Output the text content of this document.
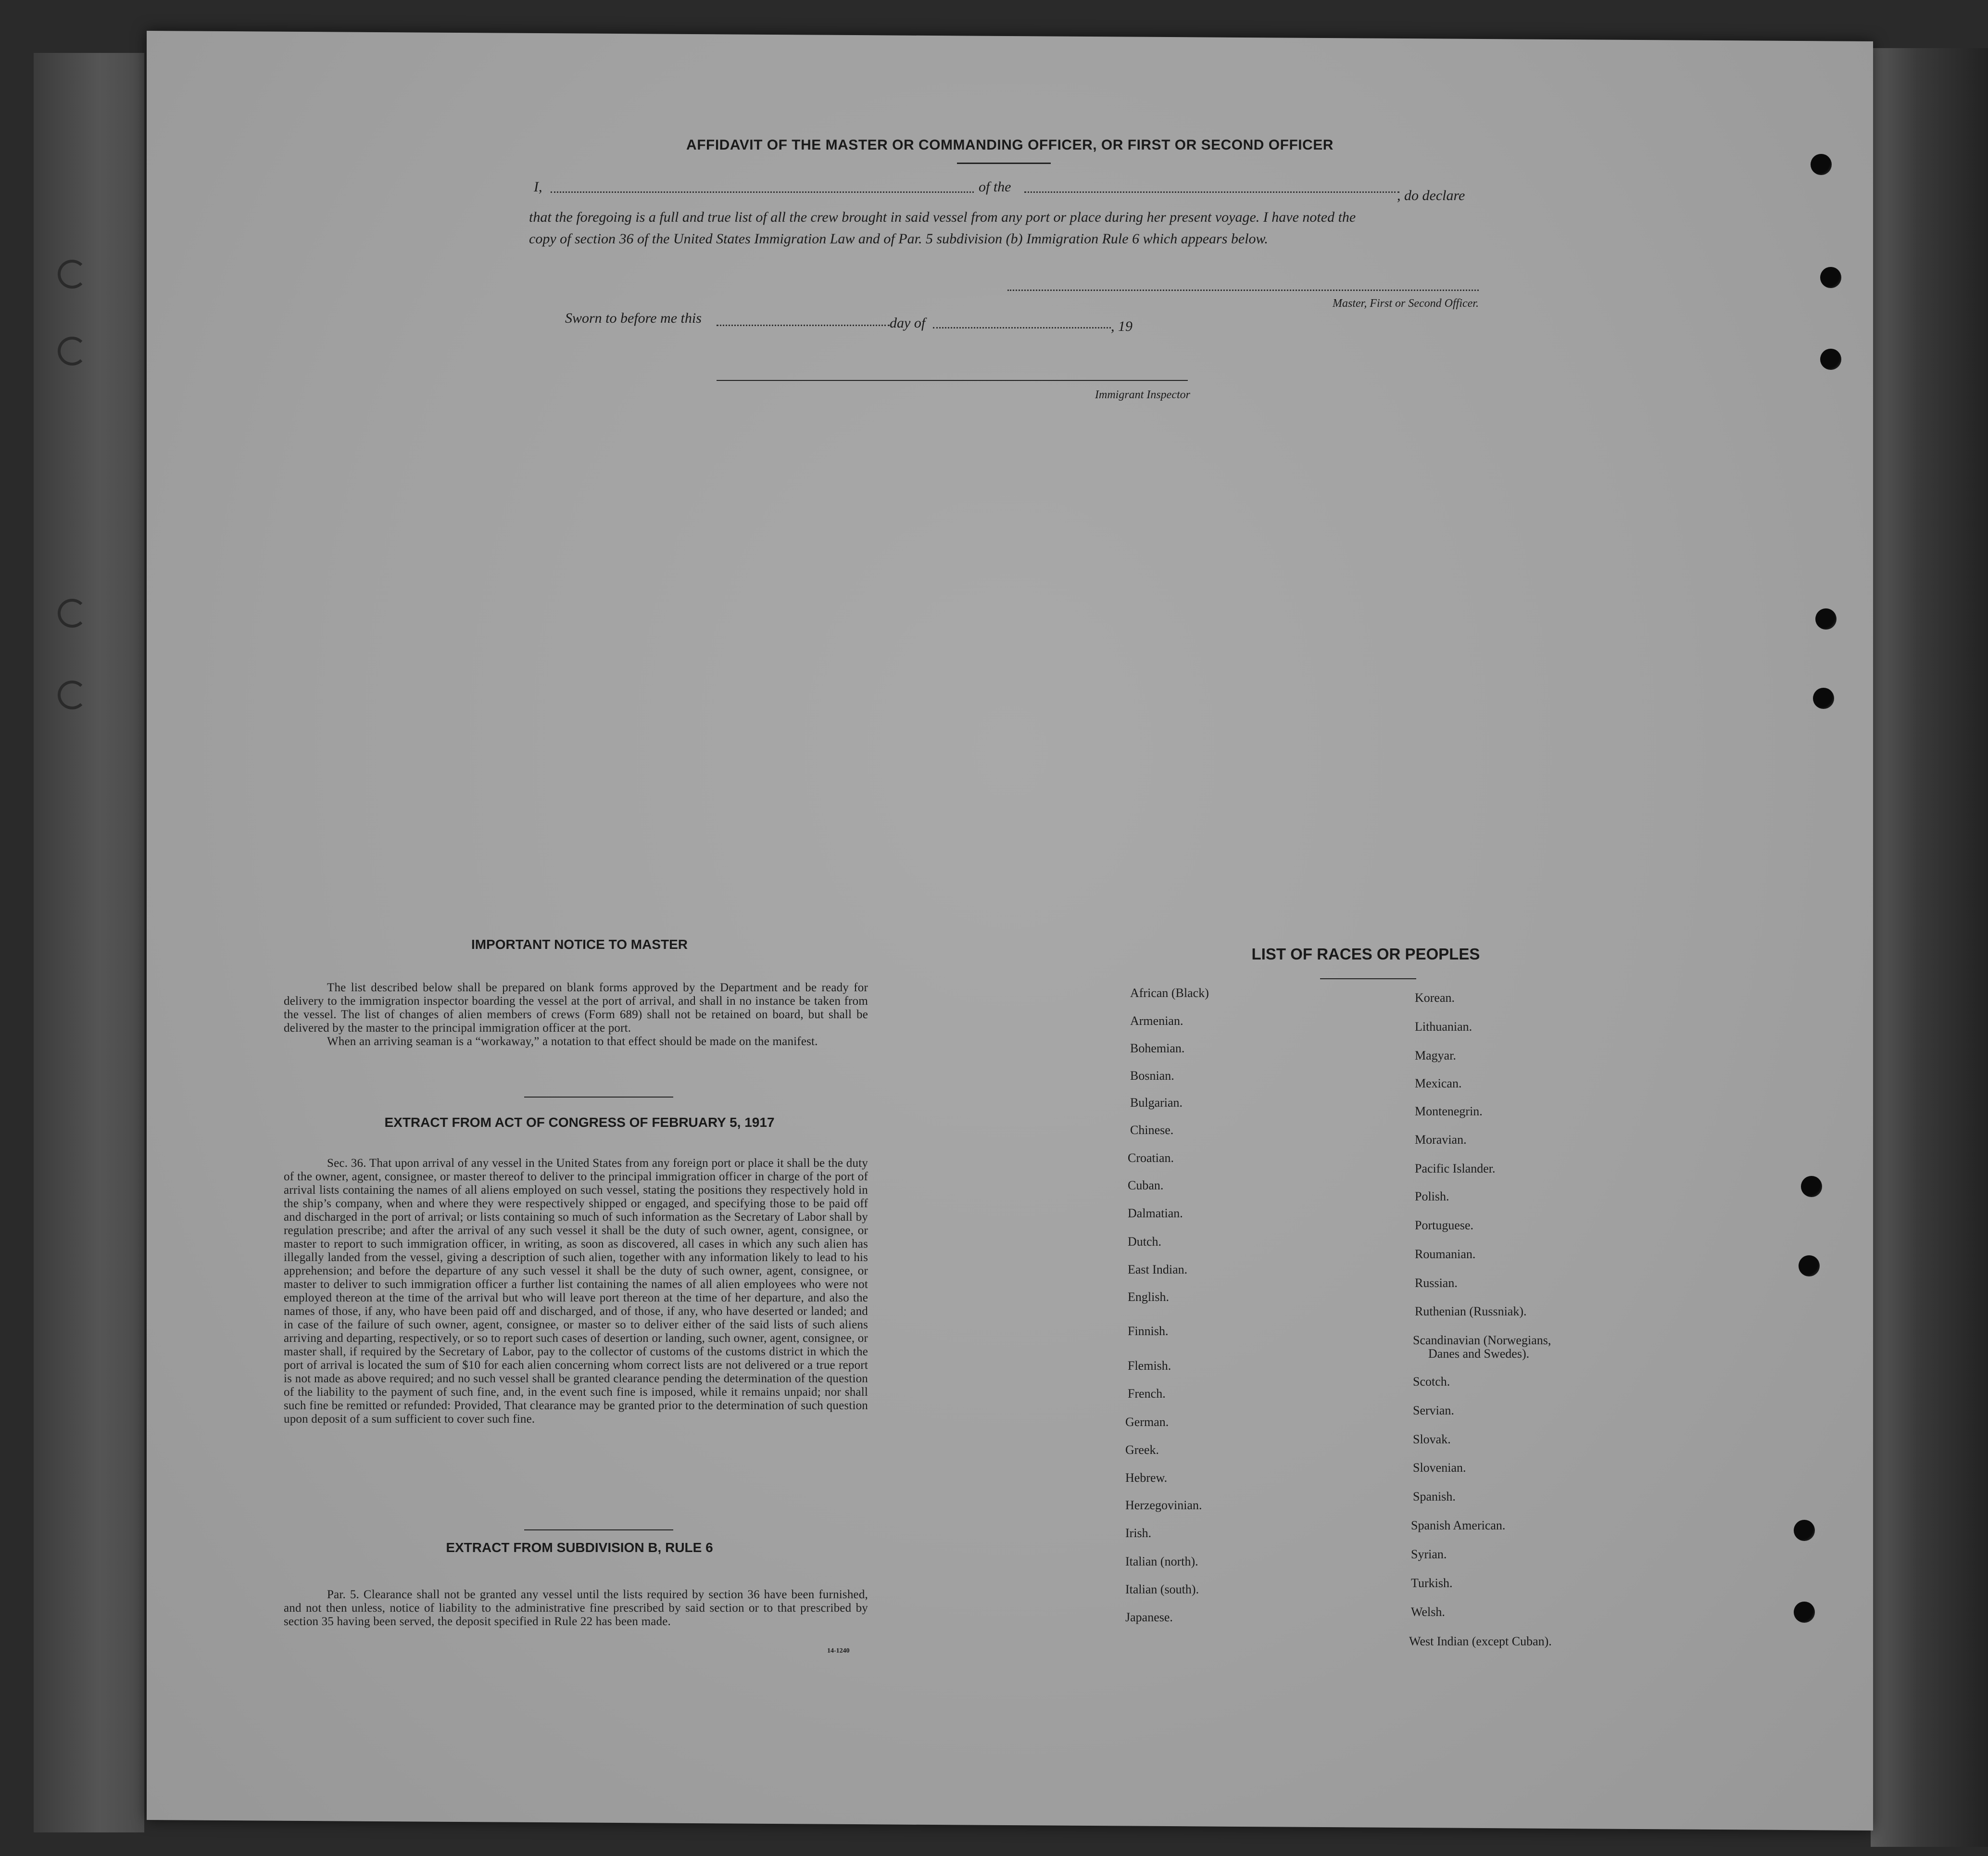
AFFIDAVIT OF THE MASTER OR COMMANDING OFFICER, OR FIRST OR SECOND OFFICER
I,	of the
, do declare
that the foregoing is a full and true list of all the crew brought in said vessel from any port or place during her present voyage. I have noted the
copy of section 36 of the United States Immigration Law and of Par. 5 subdivision (b) Immigration Rule 6 which appears below.
Master, First or Second Officer.
Sworn to before me this	day of	, 19
Immigrant Inspector
IMPORTANT NOTICE TO MASTER

The list described below shall be prepared on blank forms approved by the Department and be ready for delivery to the immigration inspector boarding the vessel at the port of arrival, and shall in no instance be taken from the vessel. The list of changes of alien members of crews (Form 689) shall not be retained on board, but shall be delivered by the master to the principal immigration officer at the port.

When an arriving seaman is a “workaway,” a notation to that effect should be made on the manifest.

EXTRACT FROM ACT OF CONGRESS OF FEBRUARY 5, 1917

Sec. 36. That upon arrival of any vessel in the United States from any foreign port or place it shall be the duty of the owner, agent, consignee, or master thereof to deliver to the principal immigration officer in charge of the port of arrival lists containing the names of all aliens employed on such vessel, stating the positions they respectively hold in the ship’s company, when and where they were respectively shipped or engaged, and specifying those to be paid off and discharged in the port of arrival; or lists containing so much of such information as the Secretary of Labor shall by regulation prescribe; and after the arrival of any such vessel it shall be the duty of such owner, agent, consignee, or master to report to such immigration officer, in writing, as soon as discovered, all cases in which any such alien has illegally landed from the vessel, giving a description of such alien, together with any information likely to lead to his apprehension; and before the departure of any such vessel it shall be the duty of such owner, agent, consignee, or master to deliver to such immigration officer a further list containing the names of all alien employees who were not employed thereon at the time of the arrival but who will leave port thereon at the time of her departure, and also the names of those, if any, who have been paid off and discharged, and of those, if any, who have deserted or landed; and in case of the failure of such owner, agent, consignee, or master so to deliver either of the said lists of such aliens arriving and departing, respectively, or so to report such cases of desertion or landing, such owner, agent, consignee, or master shall, if required by the Secretary of Labor, pay to the collector of customs of the customs district in which the port of arrival is located the sum of $10 for each alien concerning whom correct lists are not delivered or a true report is not made as above required; and no such vessel shall be granted clearance pending the determination of the question of the liability to the payment of such fine, and, in the event such fine is imposed, while it remains unpaid; nor shall such fine be remitted or refunded: Provided, That clearance may be granted prior to the determination of such question upon deposit of a sum sufficient to cover such fine.

EXTRACT FROM SUBDIVISION B, RULE 6

Par. 5. Clearance shall not be granted any vessel until the lists required by section 36 have been furnished, and not then unless, notice of liability to the administrative fine prescribed by said section or to that prescribed by section 35 having been served, the deposit specified in Rule 22 has been made.

14-1240
LIST OF RACES OR PEOPLES
African (Black)
Armenian.
Bohemian.
Bosnian.
Bulgarian.
Chinese.
Croatian.
Cuban.
Dalmatian.
Dutch.
East Indian.
English.
Finnish.
Flemish.
French.
German.
Greek.
Hebrew.
Herzegovinian.
Irish.
Italian (north).
Italian (south).
Japanese.
Korean.
Lithuanian.
Magyar.
Mexican.
Montenegrin.
Moravian.
Pacific Islander.
Polish.
Portuguese.
Roumanian.
Russian.
Ruthenian (Russniak).
Scandinavian (Norwegians,
Danes and Swedes).
Scotch.
Servian.
Slovak.
Slovenian.
Spanish.
Spanish American.
Syrian.
Turkish.
Welsh.
West Indian (except Cuban).
